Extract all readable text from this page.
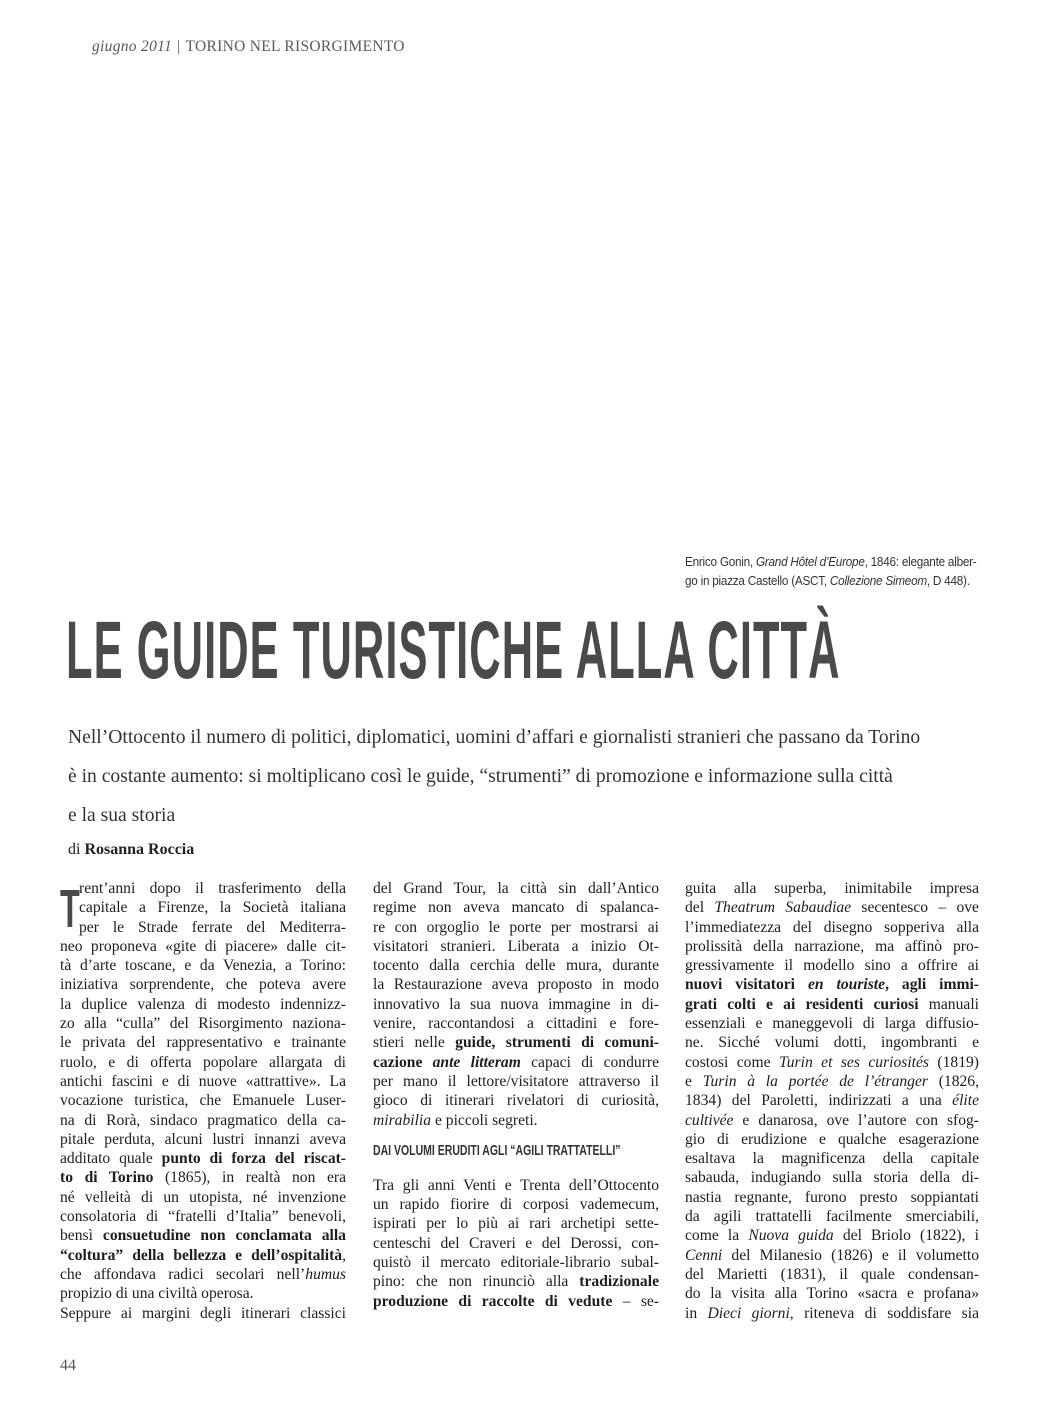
giugno 2011 | TORINO NEL RISORGIMENTO

Enrico Gonin, Grand Hôtel d’Europe, 1846: elegante alber-

go in piazza Castello (ASCT, Collezione Simeom, D 448).

LE GUIDE TURISTICHE ALLA CITTÀ

Nell’Ottocento il numero di politici, diplomatici, uomini d’affari e giornalisti stranieri che passano da Torino

è in costante aumento: si moltiplicano così le guide, “strumenti” di promozione e informazione sulla città

e la sua storia

di Rosanna Roccia
T rent’anni dopo il trasferimento della

capitale a Firenze, la Società italiana

per le Strade ferrate del Mediterra-

neo proponeva «gite di piacere» dalle cit-

tà d’arte toscane, e da Venezia, a Torino:

iniziativa sorprendente, che poteva avere

la duplice valenza di modesto indennizz-

zo alla “culla” del Risorgimento naziona-

le privata del rappresentativo e trainante

ruolo, e di offerta popolare allargata di

antichi fascini e di nuove «attrattive». La

vocazione turistica, che Emanuele Luser-

na di Rorà, sindaco pragmatico della ca-

pitale perduta, alcuni lustri innanzi aveva

additato quale punto di forza del riscat-

to di Torino (1865), in realtà non era

né velleità di un utopista, né invenzione

consolatoria di “fratelli d’Italia” benevoli,

bensì consuetudine non conclamata alla

“coltura” della bellezza e dell’ospitalità,

che affondava radici secolari nell’humus

propizio di una civiltà operosa.

Seppure ai margini degli itinerari classici

del Grand Tour, la città sin dall’Antico

regime non aveva mancato di spalanca-

re con orgoglio le porte per mostrarsi ai

visitatori stranieri. Liberata a inizio Ot-

tocento dalla cerchia delle mura, durante

la Restaurazione aveva proposto in modo

innovativo la sua nuova immagine in di-

venire, raccontandosi a cittadini e fore-

stieri nelle guide, strumenti di comuni-

cazione ante litteram capaci di condurre

per mano il lettore/visitatore attraverso il

gioco di itinerari rivelatori di curiosità,

mirabilia e piccoli segreti.

DAI VOLUMI ERUDITI AGLI “AGILI TRATTATELLI”

Tra gli anni Venti e Trenta dell’Ottocento

un rapido fiorire di corposi vademecum,

ispirati per lo più ai rari archetipi sette-

centeschi del Craveri e del Derossi, con-

quistò il mercato editoriale-librario subal-

pino: che non rinunciò alla tradizionale

produzione di raccolte di vedute – se-

guita alla superba, inimitabile impresa

del Theatrum Sabaudiae secentesco – ove

l’immediatezza del disegno sopperiva alla

prolissità della narrazione, ma affinò pro-

gressivamente il modello sino a offrire ai

nuovi visitatori en touriste, agli immi-

grati colti e ai residenti curiosi manuali

essenziali e maneggevoli di larga diffusio-

ne. Sicché volumi dotti, ingombranti e

costosi come Turin et ses curiosités (1819)

e Turin à la portée de l’étranger (1826,

1834) del Paroletti, indirizzati a una élite

cultivée e danarosa, ove l’autore con sfog-

gio di erudizione e qualche esagerazione

esaltava la magnificenza della capitale

sabauda, indugiando sulla storia della di-

nastia regnante, furono presto soppiantati

da agili trattatelli facilmente smerciabili,

come la Nuova guida del Briolo (1822), i

Cenni del Milanesio (1826) e il volumetto

del Marietti (1831), il quale condensan-

do la visita alla Torino «sacra e profana»

in Dieci giorni, riteneva di soddisfare sia

44
